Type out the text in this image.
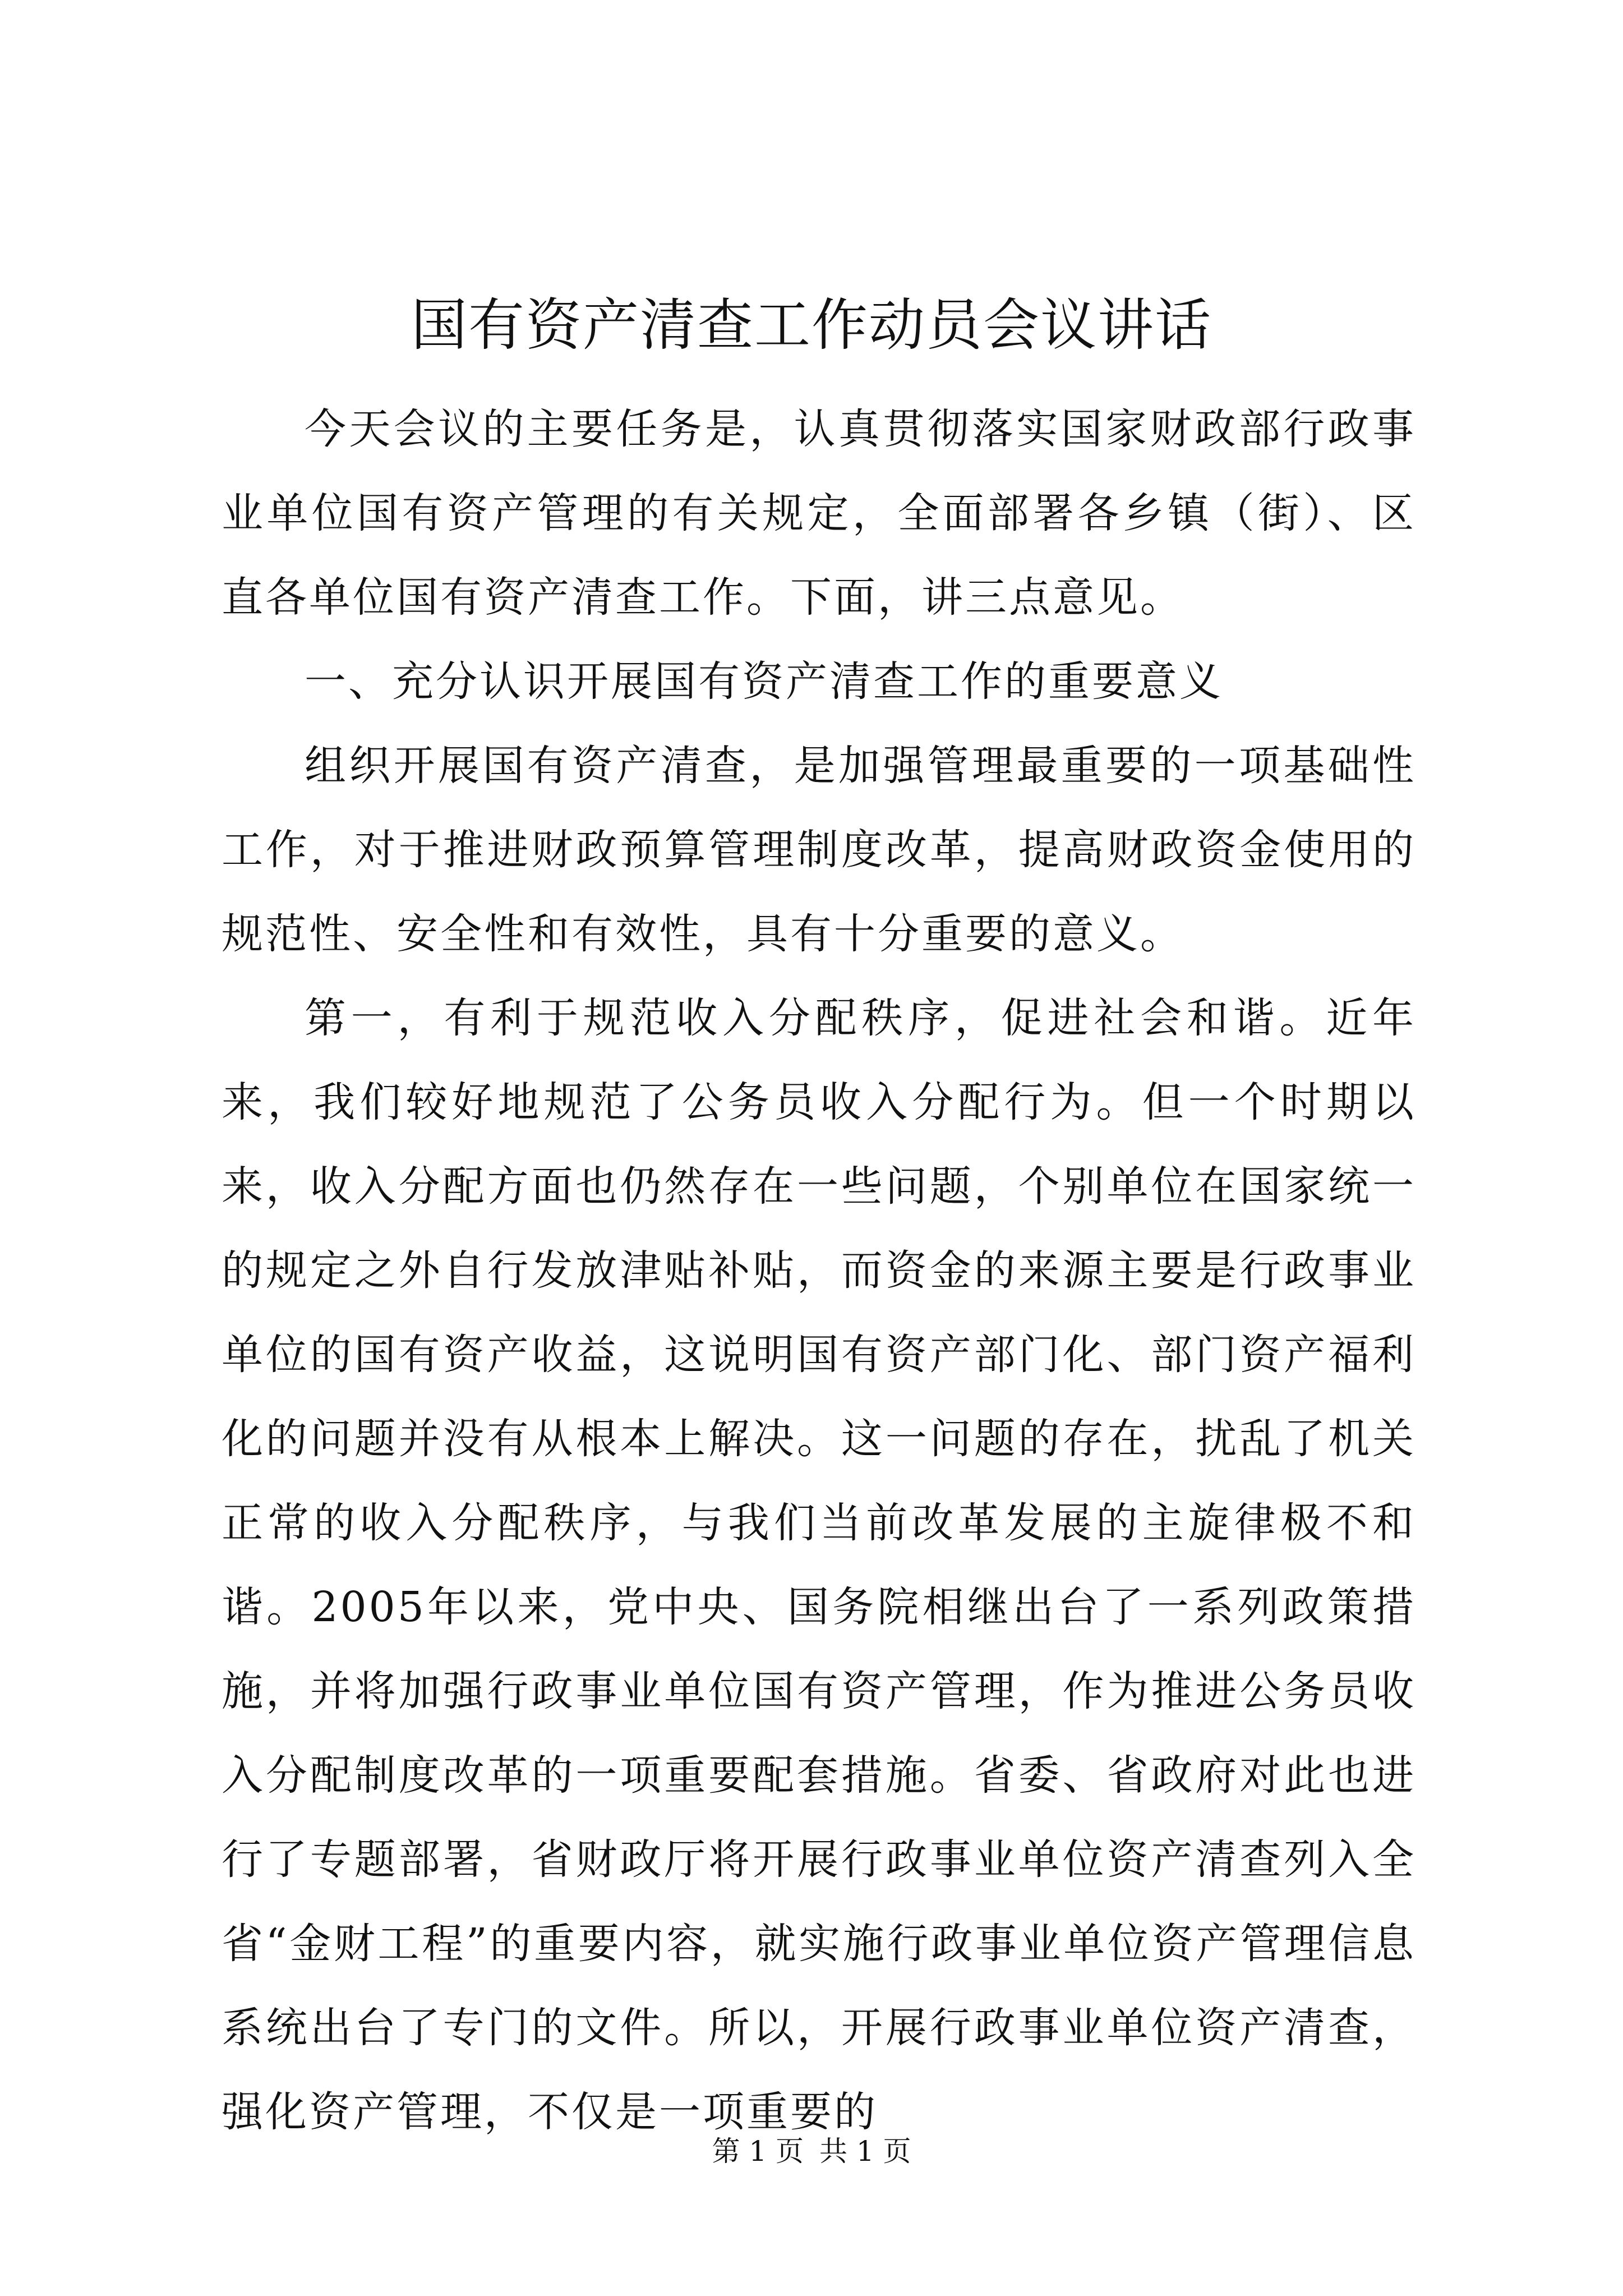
国有资产清查工作动员会议讲话

今天会议的主要任务是，认真贯彻落实国家财政部行政事业单位国有资产管理的有关规定，全面部署各乡镇（街）、区直各单位国有资产清查工作。下面，讲三点意见。

一、充分认识开展国有资产清查工作的重要意义

组织开展国有资产清查，是加强管理最重要的一项基础性工作，对于推进财政预算管理制度改革，提高财政资金使用的规范性、安全性和有效性，具有十分重要的意义。

第一，有利于规范收入分配秩序，促进社会和谐。近年来，我们较好地规范了公务员收入分配行为。但一个时期以来，收入分配方面也仍然存在一些问题，个别单位在国家统一的规定之外自行发放津贴补贴，而资金的来源主要是行政事业单位的国有资产收益，这说明国有资产部门化、部门资产福利化的问题并没有从根本上解决。这一问题的存在，扰乱了机关正常的收入分配秩序，与我们当前改革发展的主旋律极不和谐。2005年以来，党中央、国务院相继出台了一系列政策措施，并将加强行政事业单位国有资产管理，作为推进公务员收入分配制度改革的一项重要配套措施。省委、省政府对此也进行了专题部署，省财政厅将开展行政事业单位资产清查列入全省“金财工程”的重要内容，就实施行政事业单位资产管理信息系统出台了专门的文件。所以，开展行政事业单位资产清查，强化资产管理，不仅是一项重要的

第 1 页 共 1 页
